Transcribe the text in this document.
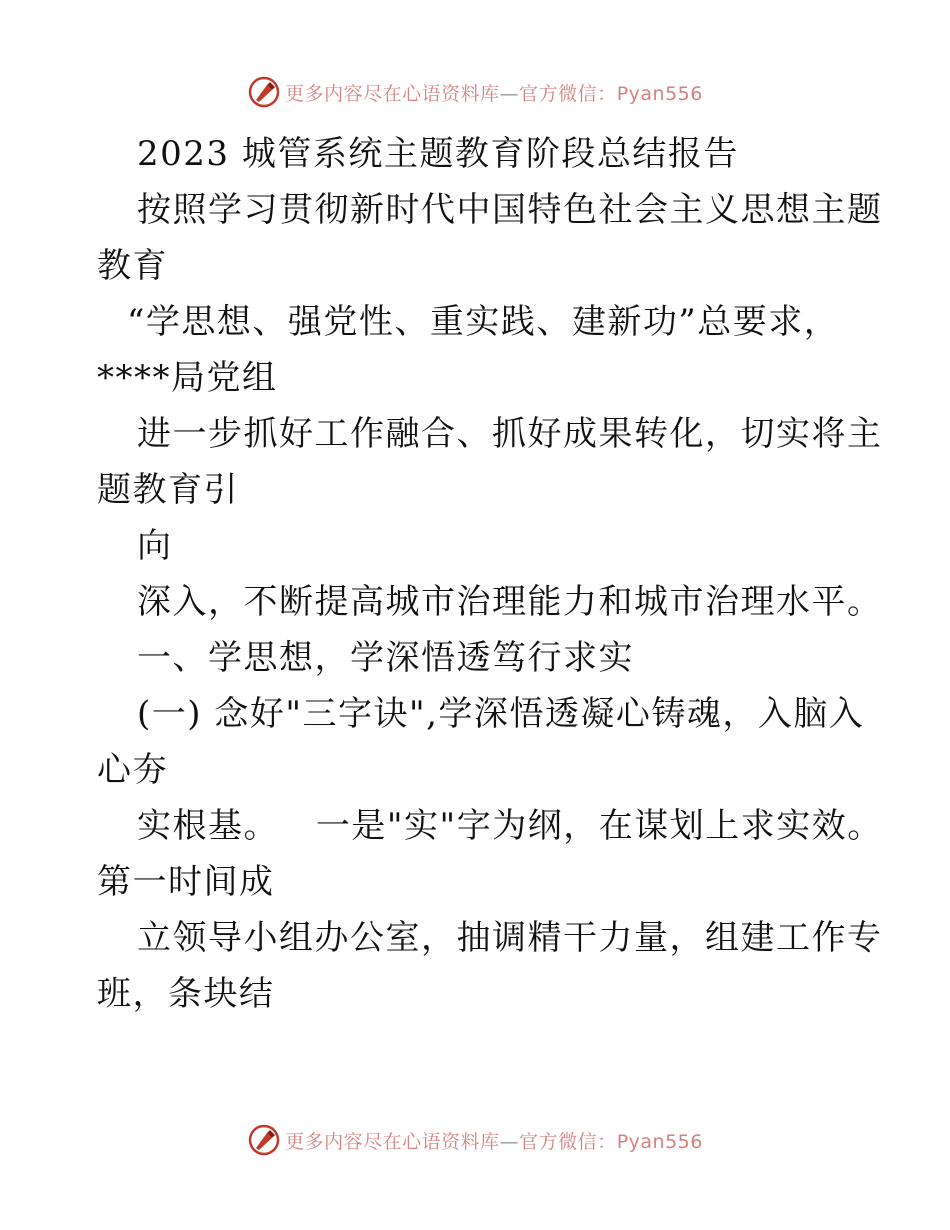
更多内容尽在心语资料库—官方微信：Pyan556
2023 城管系统主题教育阶段总结报告
按照学习贯彻新时代中国特色社会主义思想主题
教育
“学思想、强党性、重实践、建新功”总要求，
****局党组
进一步抓好工作融合、抓好成果转化，切实将主
题教育引
向
深入，不断提高城市治理能力和城市治理水平。
一、学思想，学深悟透笃行求实
(一) 念好"三字诀",学深悟透凝心铸魂，入脑入
心夯
实根基。   一是"实"字为纲，在谋划上求实效。
第一时间成
立领导小组办公室，抽调精干力量，组建工作专
班，条块结
更多内容尽在心语资料库—官方微信：Pyan556
